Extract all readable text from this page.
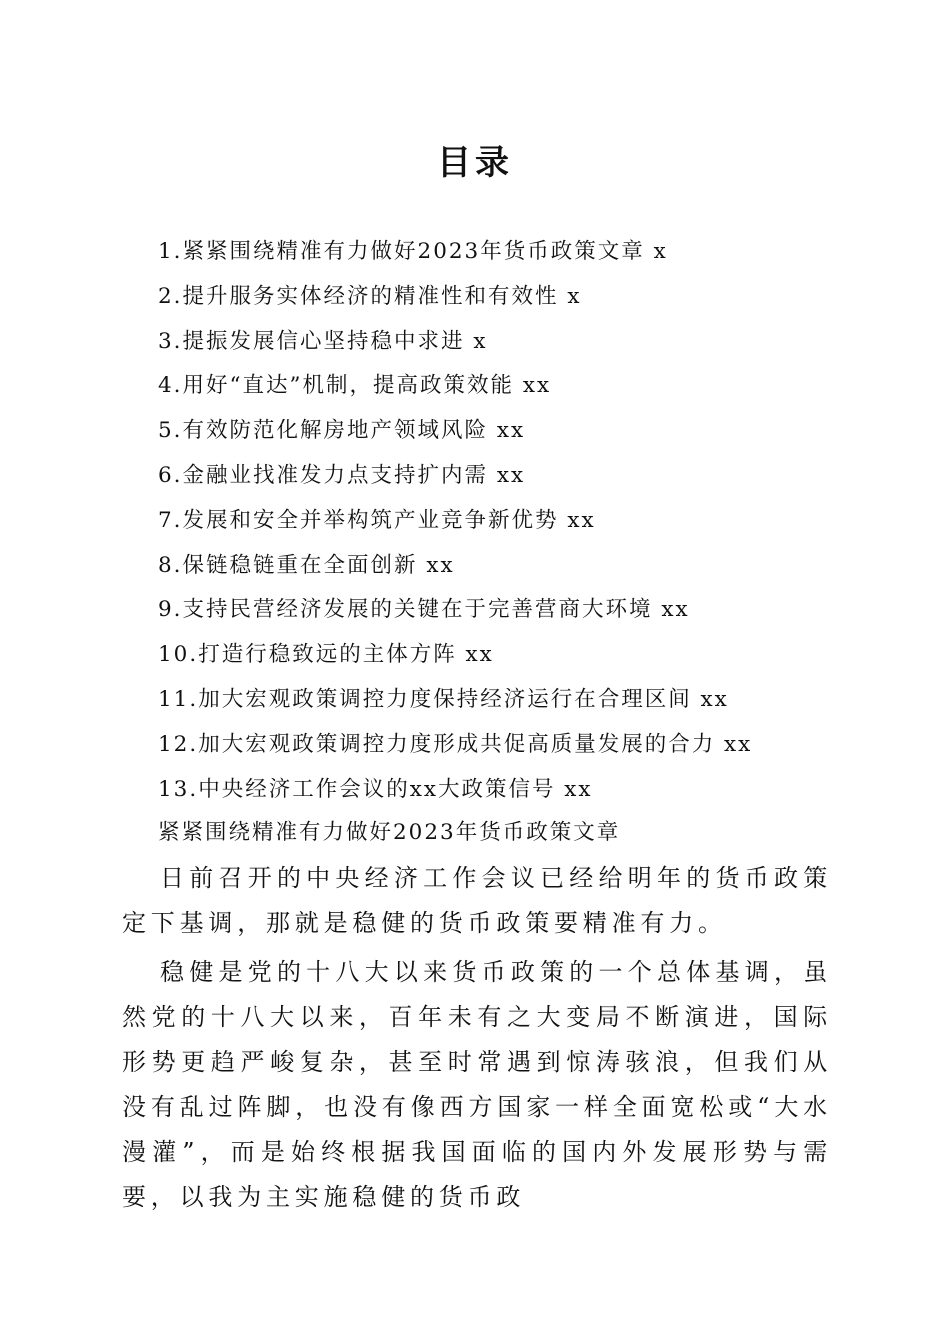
目录
1.紧紧围绕精准有力做好2023年货币政策文章 x
2.提升服务实体经济的精准性和有效性 x
3.提振发展信心坚持稳中求进 x
4.用好“直达”机制，提高政策效能 xx
5.有效防范化解房地产领域风险 xx
6.金融业找准发力点支持扩内需 xx
7.发展和安全并举构筑产业竞争新优势 xx
8.保链稳链重在全面创新 xx
9.支持民营经济发展的关键在于完善营商大环境 xx
10.打造行稳致远的主体方阵 xx
11.加大宏观政策调控力度保持经济运行在合理区间 xx
12.加大宏观政策调控力度形成共促高质量发展的合力 xx
13.中央经济工作会议的xx大政策信号 xx
紧紧围绕精准有力做好2023年货币政策文章

日前召开的中央经济工作会议已经给明年的货币政策定下基调，那就是稳健的货币政策要精准有力。

稳健是党的十八大以来货币政策的一个总体基调，虽然党的十八大以来，百年未有之大变局不断演进，国际形势更趋严峻复杂，甚至时常遇到惊涛骇浪，但我们从没有乱过阵脚，也没有像西方国家一样全面宽松或“大水漫灌”，而是始终根据我国面临的国内外发展形势与需要，以我为主实施稳健的货币政
